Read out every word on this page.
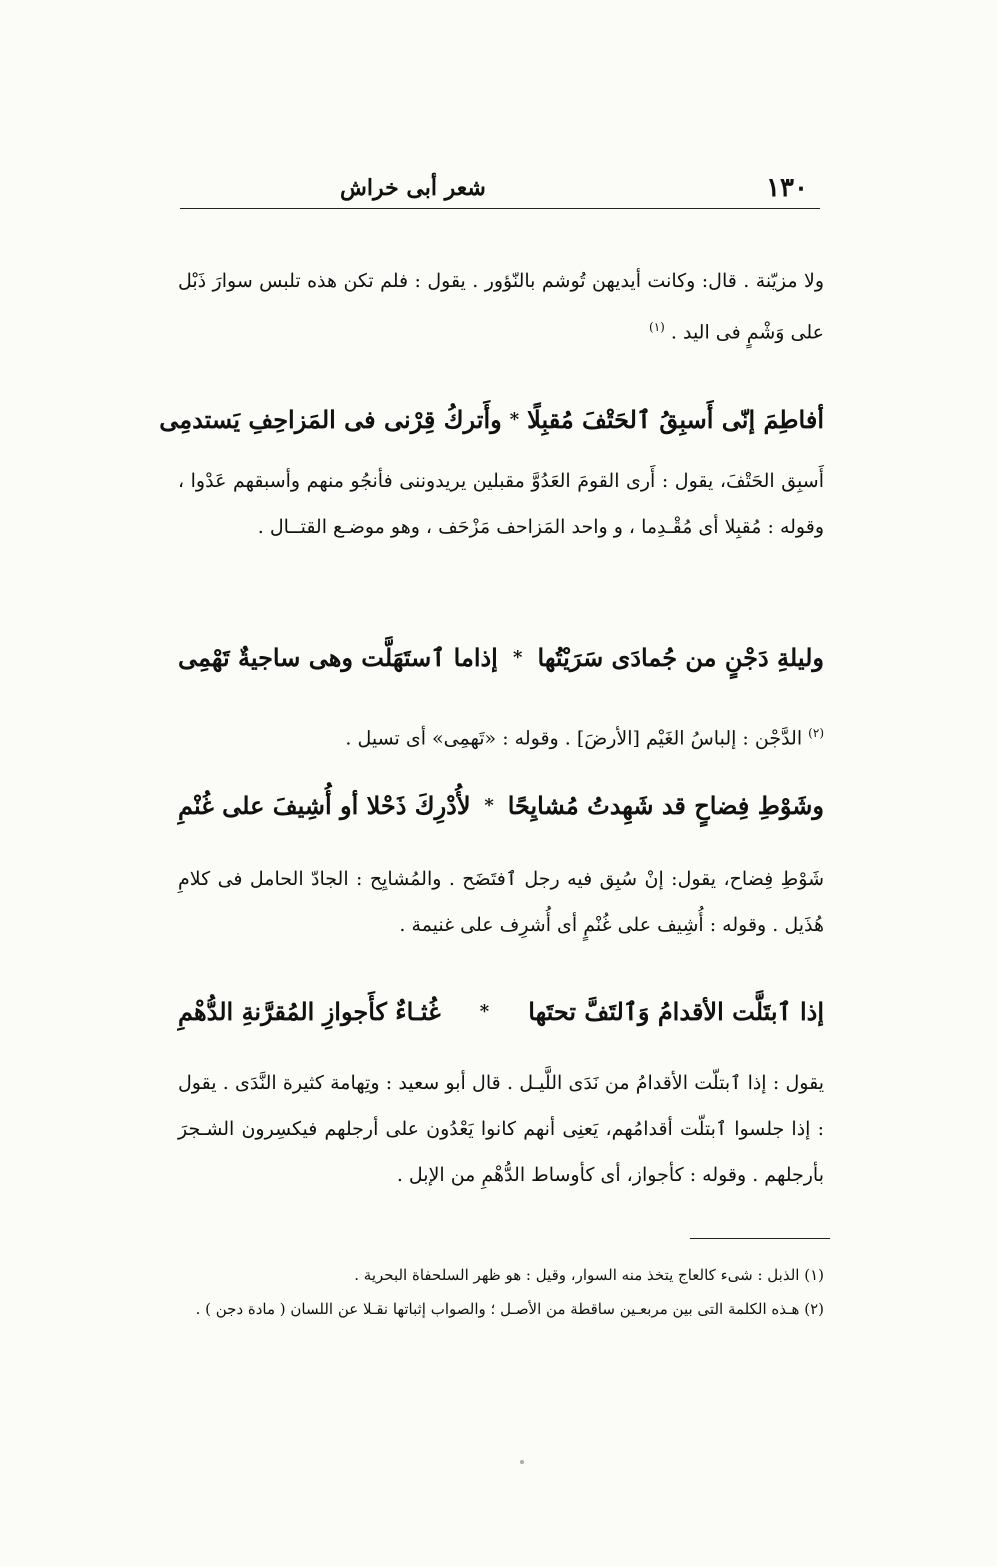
١٣٠
شعر أبى خراش
ولا مزيّنة . قال: وكانت أيديهن تُوشم بالنّؤور . يقول : فلم تكن هذه تلبس سوارَ ذَبْل على وَشْمٍ فى اليد . $^{(١)}$
أفاطِمَ إنّى أَسبِقُ ٱلحَتْفَ مُقبِلًا
*
وأَتركُ قِرْنى فى المَزاحِفِ يَستدمِى
أَسبِق الحَتْفَ، يقول : أَرى القومَ العَدُوَّ مقبلين يريدوننى فأنجُو منهم وأسبقهم عَدْوا ، وقوله : مُقبِلا أى مُقْـدِما ، و واحد المَزاحف مَزْحَف ، وهو موضـع القتــال .
وليلةِ دَجْنٍ من جُمادَى سَرَيْتُها
*
إذاما ٱستَهَلَّت وهى ساجيةٌ تَهْمِى
$^{(٢)}$ الدَّجْن : إلباسُ الغَيْم [الأرضَ] . وقوله : «تَهمِى» أى تسيل .
وشَوْطِ فِضاحٍ قد شَهِدتُ مُشايِحًا
*
لأُدْرِكَ ذَحْلا أو أُشِيفَ على غُنْمِ
شَوْطِ فِضاح، يقول: إنْ سُبِق فيه رجل ٱفتَضَح . والمُشايِح : الجادّ الحامل فى كلامِ هُذَيل . وقوله : أُشِيف على غُنْمٍ أى أُشرِف على غنيمة .
إذا ٱبتَلَّت الأقدامُ وَٱلتَفَّ تحتَها
*
غُثـاءٌ كأَجوازِ المُقرَّنةِ الدُّهْمِ
يقول : إذا ٱبتلّت الأقدامُ من نَدَى اللَّيـل . قال أبو سعيد : وتِهامة كثيرة النَّدَى . يقول : إذا جلسوا ٱبتلّت أقدامُهم، يَعنِى أنهم كانوا يَعْدُون على أرجلهم فيكسِرون الشـجرَ بأرجلهم . وقوله : كأجواز، أى كأوساط الدُّهْمِ من الإبل .

(١) الذبل : شىء كالعاج يتخذ منه السوار، وقيل : هو ظهر السلحفاة البحرية .

(٢) هـذه الكلمة التى بين مربعـين ساقطة من الأصـل ؛ والصواب إثباتها نقـلا عن اللسان ( مادة دجن ) .
